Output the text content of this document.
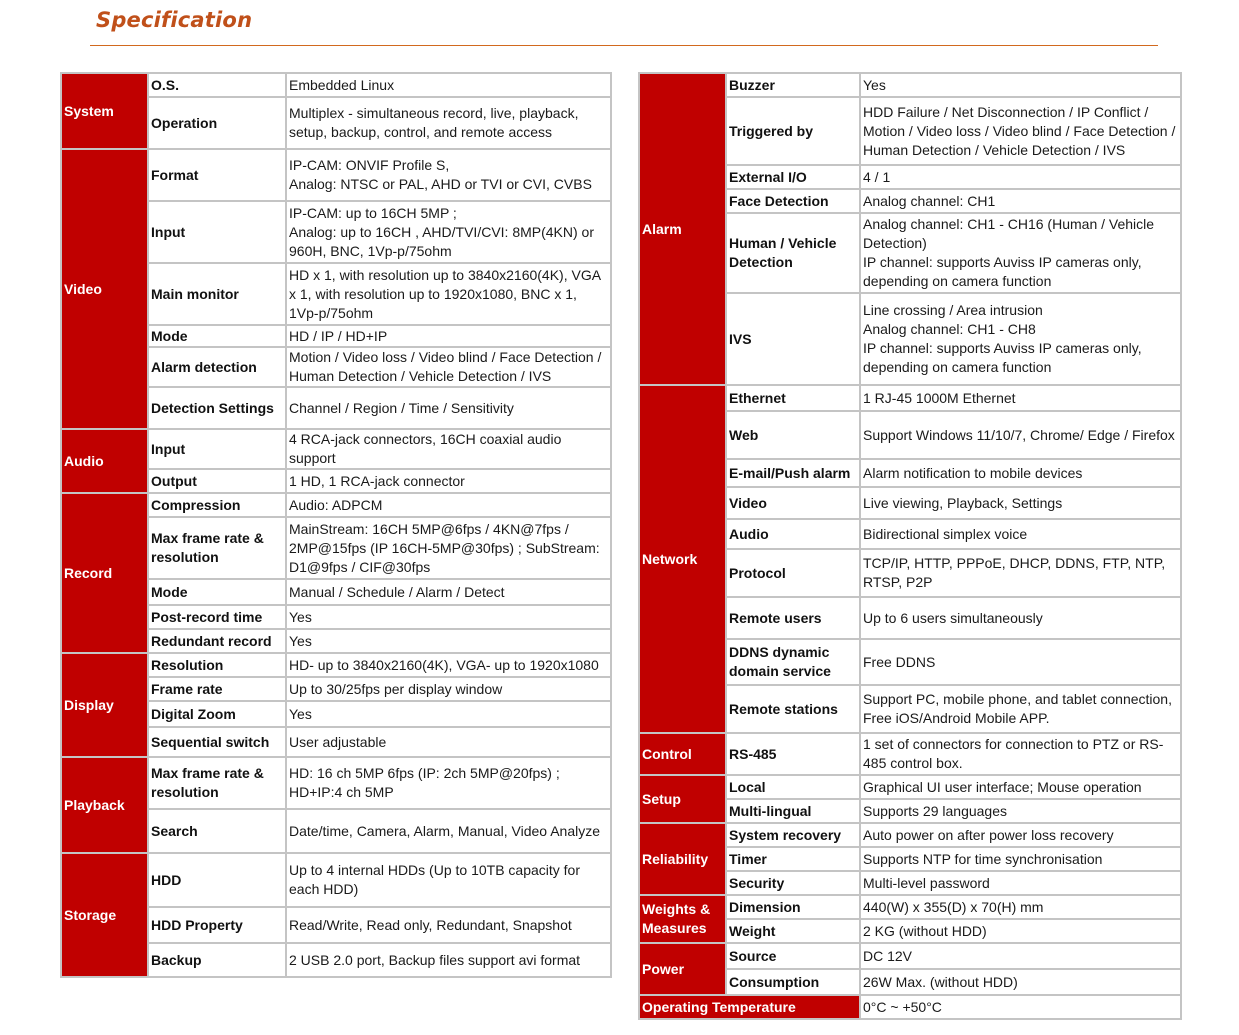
Specification
System	O.S.	Embedded Linux

	Operation	Multiplex - simultaneous record, live, playback, setup, backup, control, and remote access

Video	Format	IP-CAM: ONVIF Profile S,
Analog: NTSC or PAL, AHD or TVI or CVI, CVBS

	Input	IP-CAM: up to 16CH 5MP ;
Analog: up to 16CH , AHD/TVI/CVI: 8MP(4KN) or 960H, BNC, 1Vp-p/75ohm

	Main monitor	HD x 1, with resolution up to 3840x2160(4K), VGA x 1, with resolution up to 1920x1080, BNC x 1, 1Vp-p/75ohm

	Mode	HD / IP / HD+IP

	Alarm detection	Motion / Video loss / Video blind / Face Detection / Human Detection / Vehicle Detection / IVS

	Detection Settings	Channel / Region / Time / Sensitivity

Audio	Input	4 RCA-jack connectors, 16CH coaxial audio support

	Output	1 HD, 1 RCA-jack connector

Record	Compression	Audio: ADPCM

	Max frame rate & resolution	MainStream: 16CH 5MP@6fps / 4KN@7fps / 2MP@15fps (IP 16CH-5MP@30fps) ; SubStream: D1@9fps / CIF@30fps

	Mode	Manual / Schedule / Alarm / Detect

	Post-record time	Yes

	Redundant record	Yes

Display	Resolution	HD- up to 3840x2160(4K), VGA- up to 1920x1080

	Frame rate	Up to 30/25fps per display window

	Digital Zoom	Yes

	Sequential switch	User adjustable

Playback	Max frame rate & resolution	HD: 16 ch 5MP 6fps (IP: 2ch 5MP@20fps) ;
HD+IP:4 ch 5MP

	Search	Date/time, Camera, Alarm, Manual, Video Analyze

Storage	HDD	Up to 4 internal HDDs (Up to 10TB capacity for each HDD)

	HDD Property	Read/Write, Read only, Redundant, Snapshot

	Backup	2 USB 2.0 port, Backup files support avi format
Alarm	Buzzer	Yes

	Triggered by	HDD Failure / Net Disconnection / IP Conflict / Motion / Video loss / Video blind / Face Detection / Human Detection / Vehicle Detection / IVS

	External I/O	4 / 1

	Face Detection	Analog channel: CH1

	Human / Vehicle Detection	Analog channel: CH1 - CH16 (Human / Vehicle Detection)
IP channel: supports Auviss IP cameras only, depending on camera function

	IVS	Line crossing / Area intrusion
Analog channel: CH1 - CH8
IP channel: supports Auviss IP cameras only, depending on camera function

Network	Ethernet	1 RJ-45 1000M Ethernet

	Web	Support Windows 11/10/7, Chrome/ Edge / Firefox

	E-mail/Push alarm	Alarm notification to mobile devices

	Video	Live viewing, Playback, Settings

	Audio	Bidirectional simplex voice

	Protocol	TCP/IP, HTTP, PPPoE, DHCP, DDNS, FTP, NTP, RTSP, P2P

	Remote users	Up to 6 users simultaneously

	DDNS dynamic domain service	Free DDNS

	Remote stations	Support PC, mobile phone, and tablet connection, Free iOS/Android Mobile APP.

Control	RS-485	1 set of connectors for connection to PTZ or RS-485 control box.

Setup	Local	Graphical UI user interface; Mouse operation

	Multi-lingual	Supports 29 languages

Reliability	System recovery	Auto power on after power loss recovery

	Timer	Supports NTP for time synchronisation

	Security	Multi-level password

Weights & Measures	Dimension	440(W) x 355(D) x 70(H) mm

	Weight	2 KG (without HDD)

Power	Source	DC 12V

	Consumption	26W Max. (without HDD)

Operating Temperature		0°C ~ +50°C
